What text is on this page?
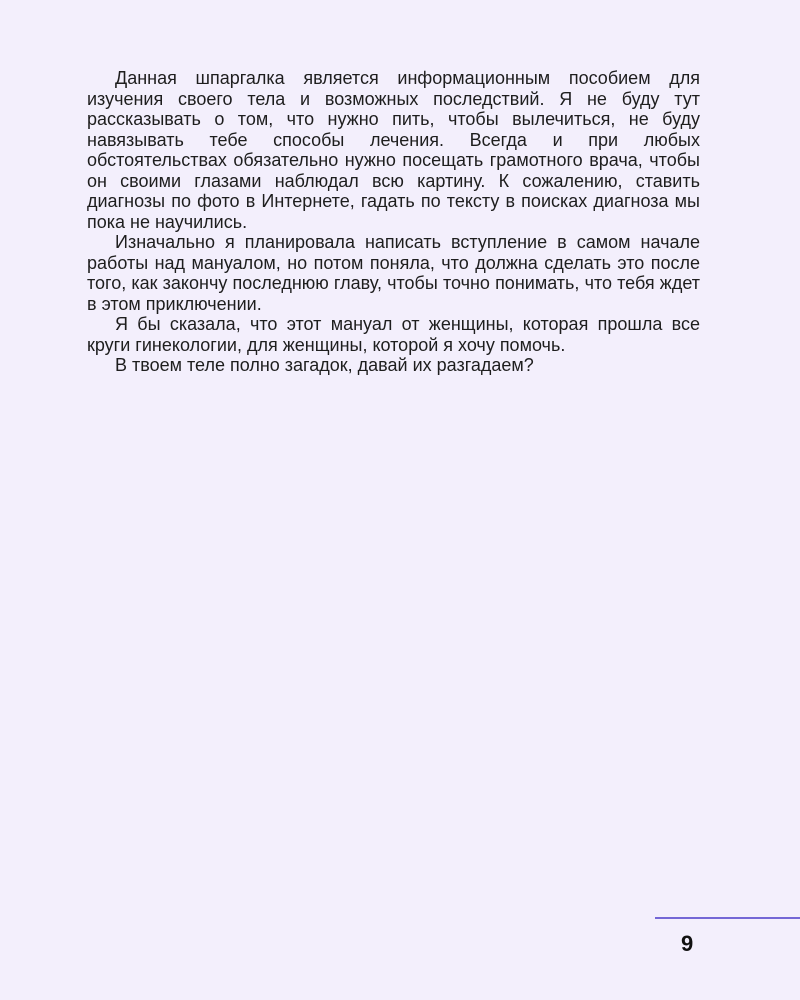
Данная шпаргалка является информационным пособием для изучения своего тела и возможных последствий. Я не буду тут рассказывать о том, что нужно пить, чтобы вылечиться, не буду навязывать тебе способы лечения. Всегда и при любых обстоятельствах обязательно нужно посещать грамотного врача, чтобы он своими глазами наблюдал всю картину. К сожалению, ставить диагнозы по фото в Интернете, гадать по тексту в поисках диагноза мы пока не научились.

Изначально я планировала написать вступление в самом начале работы над мануалом, но потом поняла, что должна сделать это после того, как закончу последнюю главу, чтобы точно понимать, что тебя ждет в этом приключении.

Я бы сказала, что этот мануал от женщины, которая прошла все круги гинекологии, для женщины, которой я хочу помочь.

В твоем теле полно загадок, давай их разгадаем?

9
